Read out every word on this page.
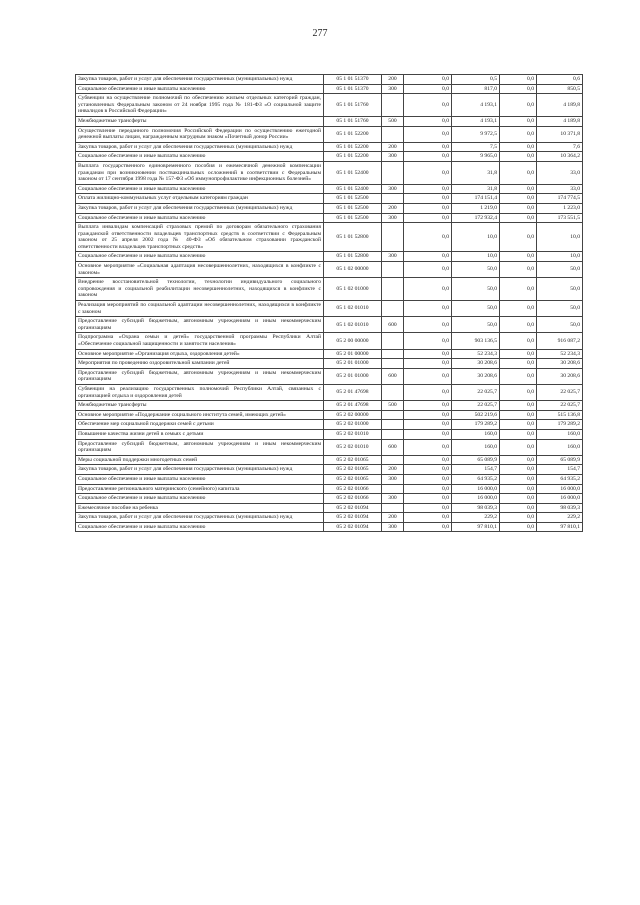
277
Закупка товаров, работ и услуг для обеспечения государственных (муниципальных) нужд	05 1 01 51370	200	0,0	0,5	0,0	0,6
Социальное обеспечение и иные выплаты населению	05 1 01 51370	300	0,0	817,0	0,0	850,5
Субвенции на осуществление полномочий по обеспечению жильем отдельных категорий граждан, установленных Федеральным законом от 24 ноября 1995 года № 181-ФЗ «О социальной защите инвалидов в Российской Федерации»	05 1 01 51760		0,0	4 193,1	0,0	4 189,8
Межбюджетные трансферты	05 1 01 51760	500	0,0	4 193,1	0,0	4 189,8
Осуществление переданного полномочия Российской Федерации по осуществлению ежегодной денежной выплаты лицам, награжденным нагрудным знаком «Почетный донор России»	05 1 01 52200		0,0	9 972,5	0,0	10 371,8
Закупка товаров, работ и услуг для обеспечения государственных (муниципальных) нужд	05 1 01 52200	200	0,0	7,5	0,0	7,6
Социальное обеспечение и иные выплаты населению	05 1 01 52200	300	0,0	9 965,0	0,0	10 364,2
Выплата государственного единовременного пособия и ежемесячной денежной компенсации гражданам при возникновении поствакцинальных осложнений в соответствии с Федеральным законом от 17 сентября 1998 года № 157-ФЗ «Об иммунопрофилактике инфекционных болезней»	05 1 01 52400		0,0	31,8	0,0	33,0
Социальное обеспечение и иные выплаты населению	05 1 01 52400	300	0,0	31,8	0,0	33,0
Оплата жилищно-коммунальных услуг отдельным категориям граждан	05 1 01 52500		0,0	174 151,4	0,0	174 774,5
Закупка товаров, работ и услуг для обеспечения государственных (муниципальных) нужд	05 1 01 52500	200	0,0	1 219,0	0,0	1 223,0
Социальное обеспечение и иные выплаты населению	05 1 01 52500	300	0,0	172 932,4	0,0	173 551,5
Выплата инвалидам компенсаций страховых премий по договорам обязательного страхования гражданской ответственности владельцев транспортных средств в соответствии с Федеральным законом от 25 апреля 2002 года № 40-ФЗ «Об обязательном страховании гражданской ответственности владельцев транспортных средств»	05 1 01 52800		0,0	10,0	0,0	10,0
Социальное обеспечение и иные выплаты населению	05 1 01 52800	300	0,0	10,0	0,0	10,0
Основное мероприятие «Социальная адаптация несовершеннолетних, находящихся в конфликте с законом»	05 1 02 00000		0,0	50,0	0,0	50,0
Внедрение восстановительной технологии, технологии индивидуального социального сопровождения и социальной реабилитации несовершеннолетних, находящихся в конфликте с законом	05 1 02 01000		0,0	50,0	0,0	50,0
Реализация мероприятий по социальной адаптации несовершеннолетних, находящихся в конфликте с законом	05 1 02 01010		0,0	50,0	0,0	50,0
Предоставление субсидий бюджетным, автономным учреждениям и иным некоммерческим организациям	05 1 02 01010	600	0,0	50,0	0,0	50,0
Подпрограмма «Охрана семьи и детей» государственной программы Республики Алтай «Обеспечение социальной защищенности и занятости населения»	05 2 00 00000		0,0	903 136,5	0,0	916 087,2
Основное мероприятие «Организация отдыха, оздоровления детей»	05 2 01 00000		0,0	52 234,3	0,0	52 234,3
Мероприятия по проведению оздоровительной кампании детей	05 2 01 01000		0,0	30 208,6	0,0	30 208,6
Предоставление субсидий бюджетным, автономным учреждениям и иным некоммерческим организациям	05 2 01 01000	600	0,0	30 208,6	0,0	30 208,6
Субвенции на реализацию государственных полномочий Республики Алтай, связанных с организацией отдыха и оздоровления детей	05 2 01 47698		0,0	22 025,7	0,0	22 025,7
Межбюджетные трансферты	05 2 01 47698	500	0,0	22 025,7	0,0	22 025,7
Основное мероприятие «Поддержание социального института семей, имеющих детей»	05 2 02 00000		0,0	502 219,6	0,0	515 136,8
Обеспечение мер социальной поддержки семей с детьми	05 2 02 01000		0,0	179 289,2	0,0	179 289,2
Повышение качества жизни детей в семьях с детьми	05 2 02 01010		0,0	160,0	0,0	160,0
Предоставление субсидий бюджетным, автономным учреждениям и иным некоммерческим организациям	05 2 02 01010	600	0,0	160,0	0,0	160,0
Меры социальной поддержки многодетных семей	05 2 02 01065		0,0	65 089,9	0,0	65 089,9
Закупка товаров, работ и услуг для обеспечения государственных (муниципальных) нужд	05 2 02 01065	200	0,0	154,7	0,0	154,7
Социальное обеспечение и иные выплаты населению	05 2 02 01065	300	0,0	64 935,2	0,0	64 935,2
Предоставление регионального материнского (семейного) капитала	05 2 02 01066		0,0	16 000,0	0,0	16 000,0
Социальное обеспечение и иные выплаты населению	05 2 02 01066	300	0,0	16 000,0	0,0	16 000,0
Ежемесячное пособие на ребенка	05 2 02 01094		0,0	98 039,3	0,0	98 039,3
Закупка товаров, работ и услуг для обеспечения государственных (муниципальных) нужд	05 2 02 01094	200	0,0	229,2	0,0	229,2
Социальное обеспечение и иные выплаты населению	05 2 02 01094	300	0,0	97 810,1	0,0	97 810,1
